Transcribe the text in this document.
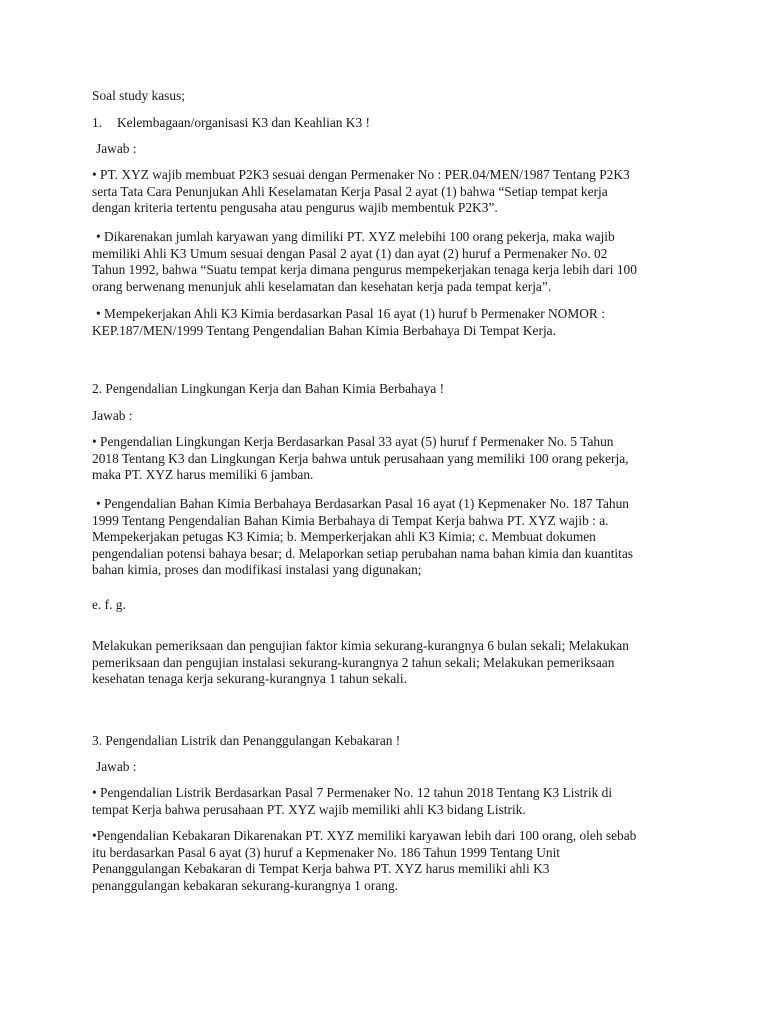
Soal study kasus;
1. Kelembagaan/organisasi K3 dan Keahlian K3 !
Jawab :
• PT. XYZ wajib membuat P2K3 sesuai dengan Permenaker No : PER.04/MEN/1987 Tentang P2K3
serta Tata Cara Penunjukan Ahli Keselamatan Kerja Pasal 2 ayat (1) bahwa “Setiap tempat kerja
dengan kriteria tertentu pengusaha atau pengurus wajib membentuk P2K3”.
• Dikarenakan jumlah karyawan yang dimiliki PT. XYZ melebihi 100 orang pekerja, maka wajib
memiliki Ahli K3 Umum sesuai dengan Pasal 2 ayat (1) dan ayat (2) huruf a Permenaker No. 02
Tahun 1992, bahwa “Suatu tempat kerja dimana pengurus mempekerjakan tenaga kerja lebih dari 100
orang berwenang menunjuk ahli keselamatan dan kesehatan kerja pada tempat kerja”.
• Mempekerjakan Ahli K3 Kimia berdasarkan Pasal 16 ayat (1) huruf b Permenaker NOMOR :
KEP.187/MEN/1999 Tentang Pengendalian Bahan Kimia Berbahaya Di Tempat Kerja.
2. Pengendalian Lingkungan Kerja dan Bahan Kimia Berbahaya !
Jawab :
• Pengendalian Lingkungan Kerja Berdasarkan Pasal 33 ayat (5) huruf f Permenaker No. 5 Tahun
2018 Tentang K3 dan Lingkungan Kerja bahwa untuk perusahaan yang memiliki 100 orang pekerja,
maka PT. XYZ harus memiliki 6 jamban.
• Pengendalian Bahan Kimia Berbahaya Berdasarkan Pasal 16 ayat (1) Kepmenaker No. 187 Tahun
1999 Tentang Pengendalian Bahan Kimia Berbahaya di Tempat Kerja bahwa PT. XYZ wajib : a.
Mempekerjakan petugas K3 Kimia; b. Memperkerjakan ahli K3 Kimia; c. Membuat dokumen
pengendalian potensi bahaya besar; d. Melaporkan setiap perubahan nama bahan kimia dan kuantitas
bahan kimia, proses dan modifikasi instalasi yang digunakan;
e. f. g.
Melakukan pemeriksaan dan pengujian faktor kimia sekurang-kurangnya 6 bulan sekali; Melakukan
pemeriksaan dan pengujian instalasi sekurang-kurangnya 2 tahun sekali; Melakukan pemeriksaan
kesehatan tenaga kerja sekurang-kurangnya 1 tahun sekali.
3. Pengendalian Listrik dan Penanggulangan Kebakaran !
Jawab :
• Pengendalian Listrik Berdasarkan Pasal 7 Permenaker No. 12 tahun 2018 Tentang K3 Listrik di
tempat Kerja bahwa perusahaan PT. XYZ wajib memiliki ahli K3 bidang Listrik.
•Pengendalian Kebakaran Dikarenakan PT. XYZ memiliki karyawan lebih dari 100 orang, oleh sebab
itu berdasarkan Pasal 6 ayat (3) huruf a Kepmenaker No. 186 Tahun 1999 Tentang Unit
Penanggulangan Kebakaran di Tempat Kerja bahwa PT. XYZ harus memiliki ahli K3
penanggulangan kebakaran sekurang-kurangnya 1 orang.
